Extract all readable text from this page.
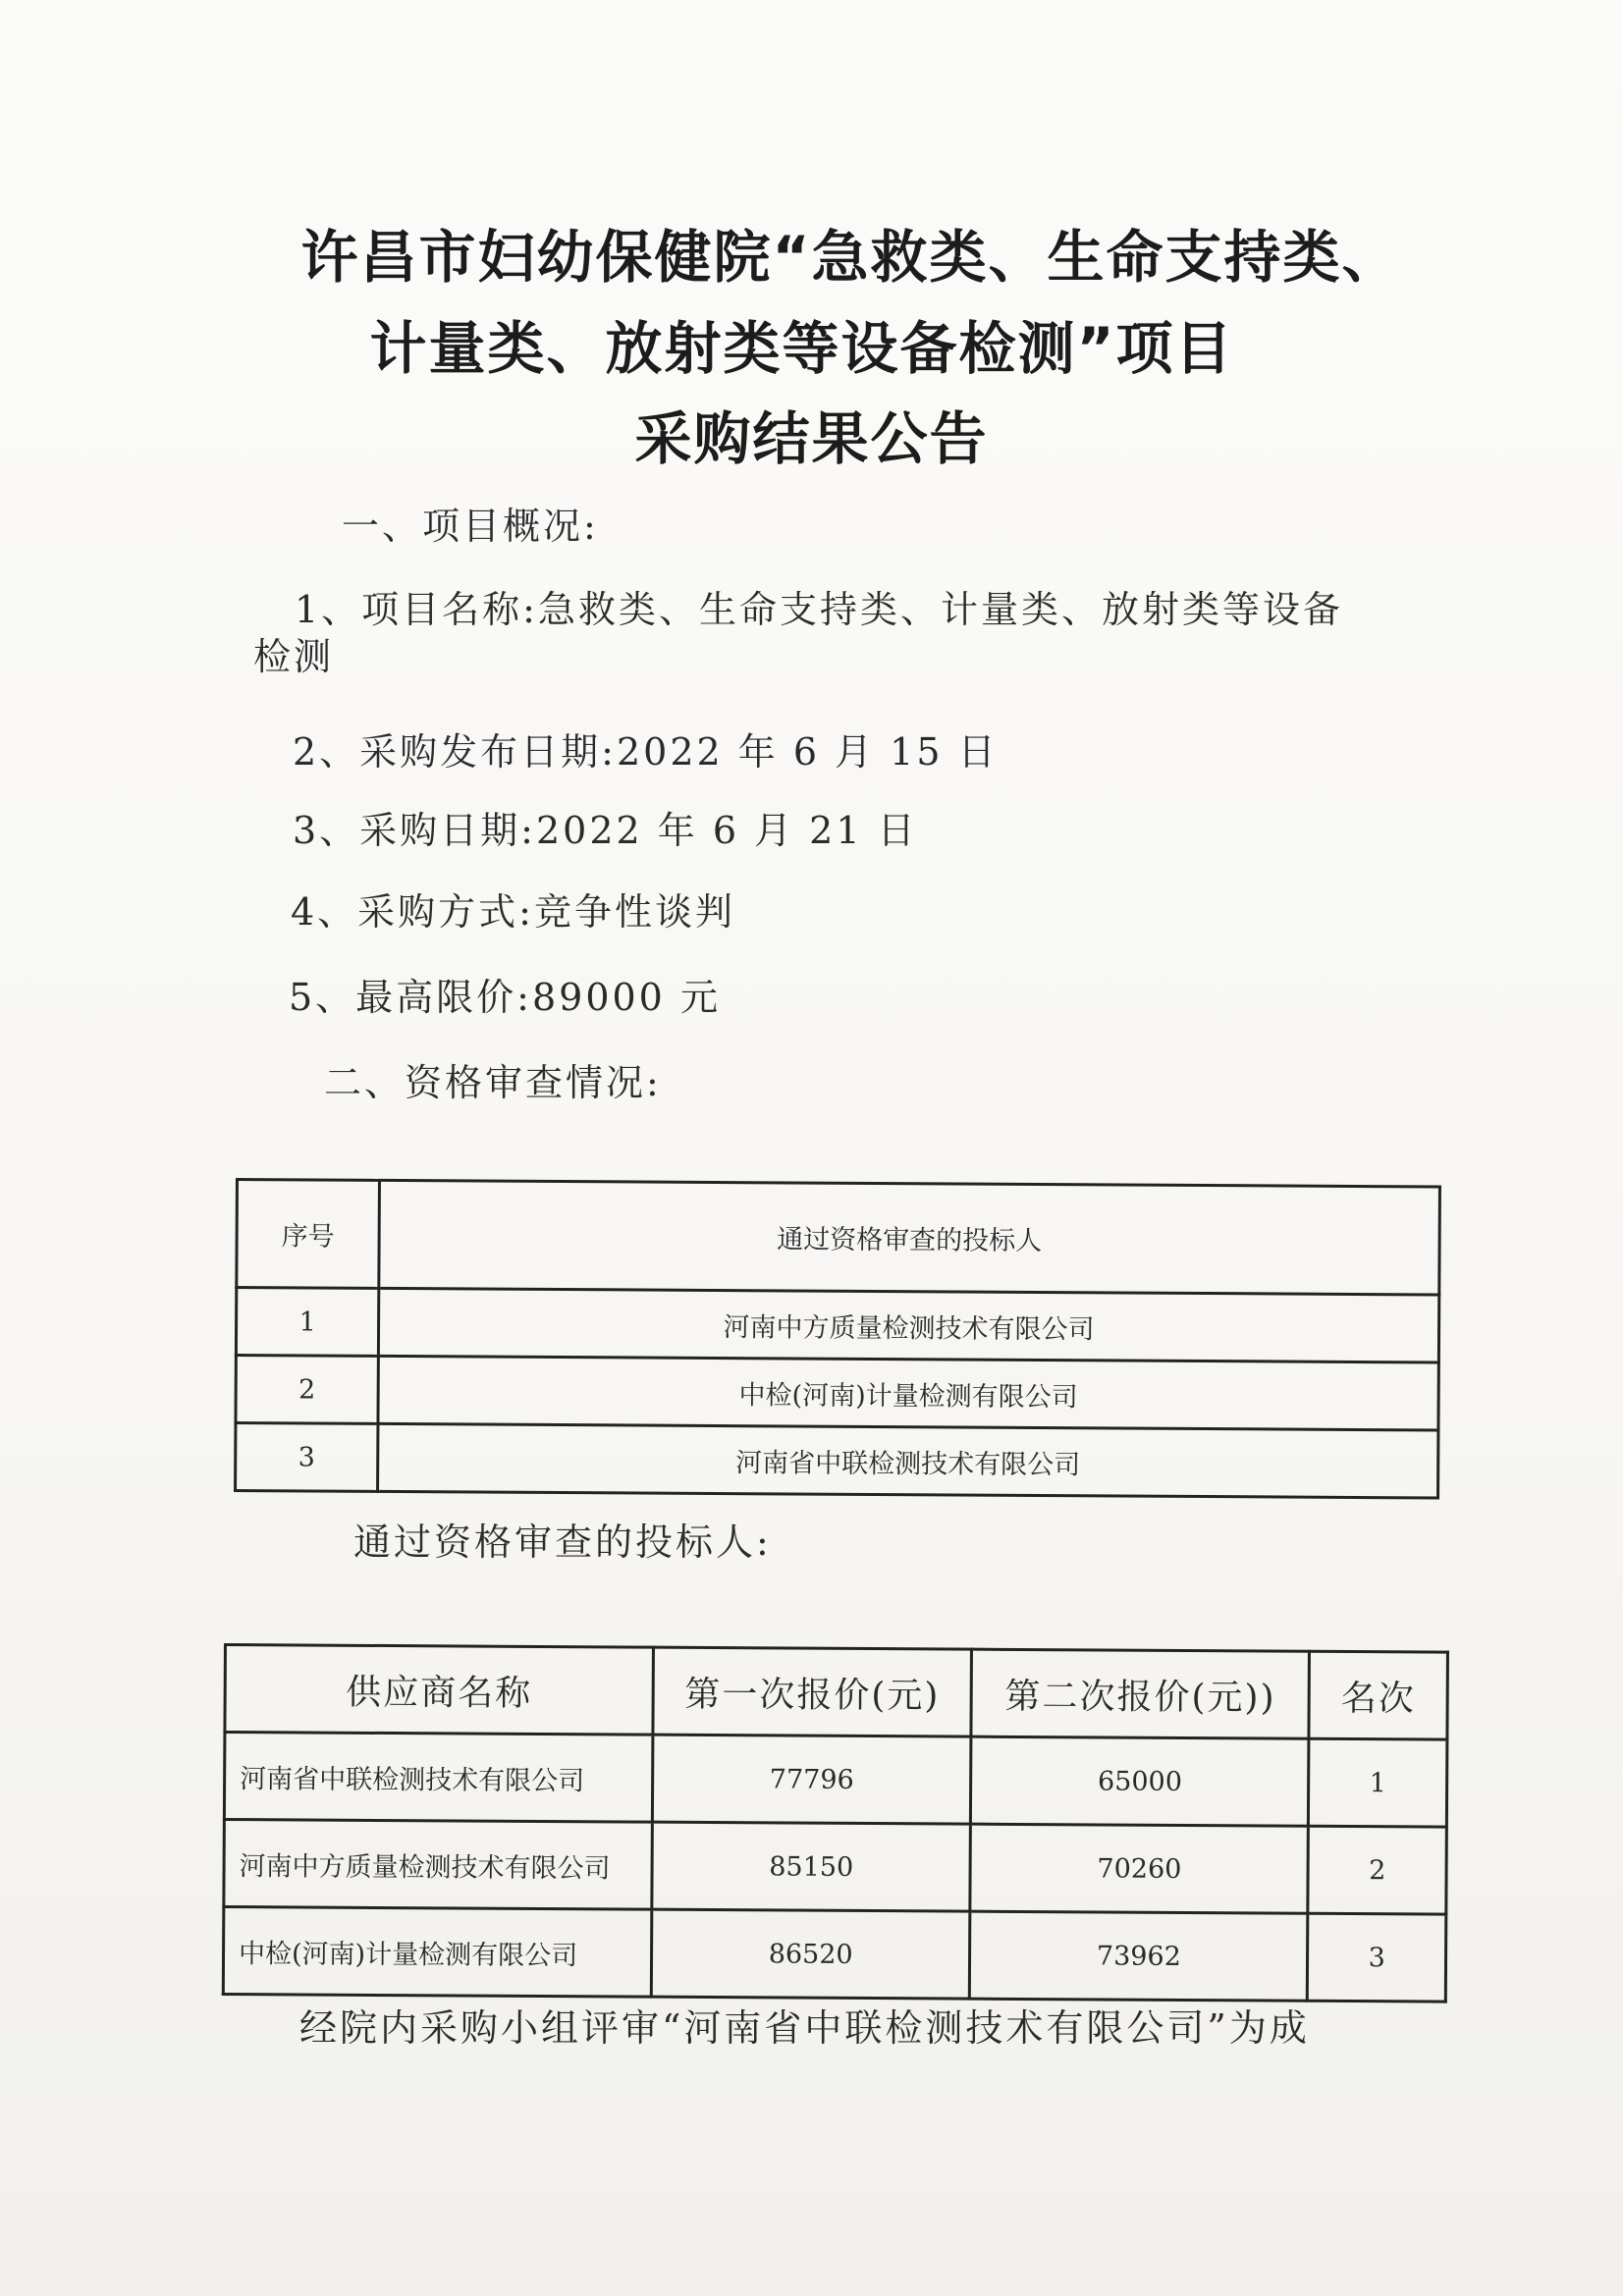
许昌市妇幼保健院“急救类、生命支持类、
计量类、放射类等设备检测”项目
采购结果公告
一、项目概况:
1、项目名称:急救类、生命支持类、计量类、放射类等设备
检测
2、采购发布日期:2022 年 6 月 15 日
3、采购日期:2022 年 6 月 21 日
4、采购方式:竞争性谈判
5、最高限价:89000 元
二、资格审查情况:
序号	通过资格审查的投标人
1	河南中方质量检测技术有限公司
2	中检(河南)计量检测有限公司
3	河南省中联检测技术有限公司
通过资格审查的投标人:
供应商名称	第一次报价(元)	第二次报价(元))	名次
河南省中联检测技术有限公司	77796	65000	1
河南中方质量检测技术有限公司	85150	70260	2
中检(河南)计量检测有限公司	86520	73962	3
经院内采购小组评审“河南省中联检测技术有限公司”为成
